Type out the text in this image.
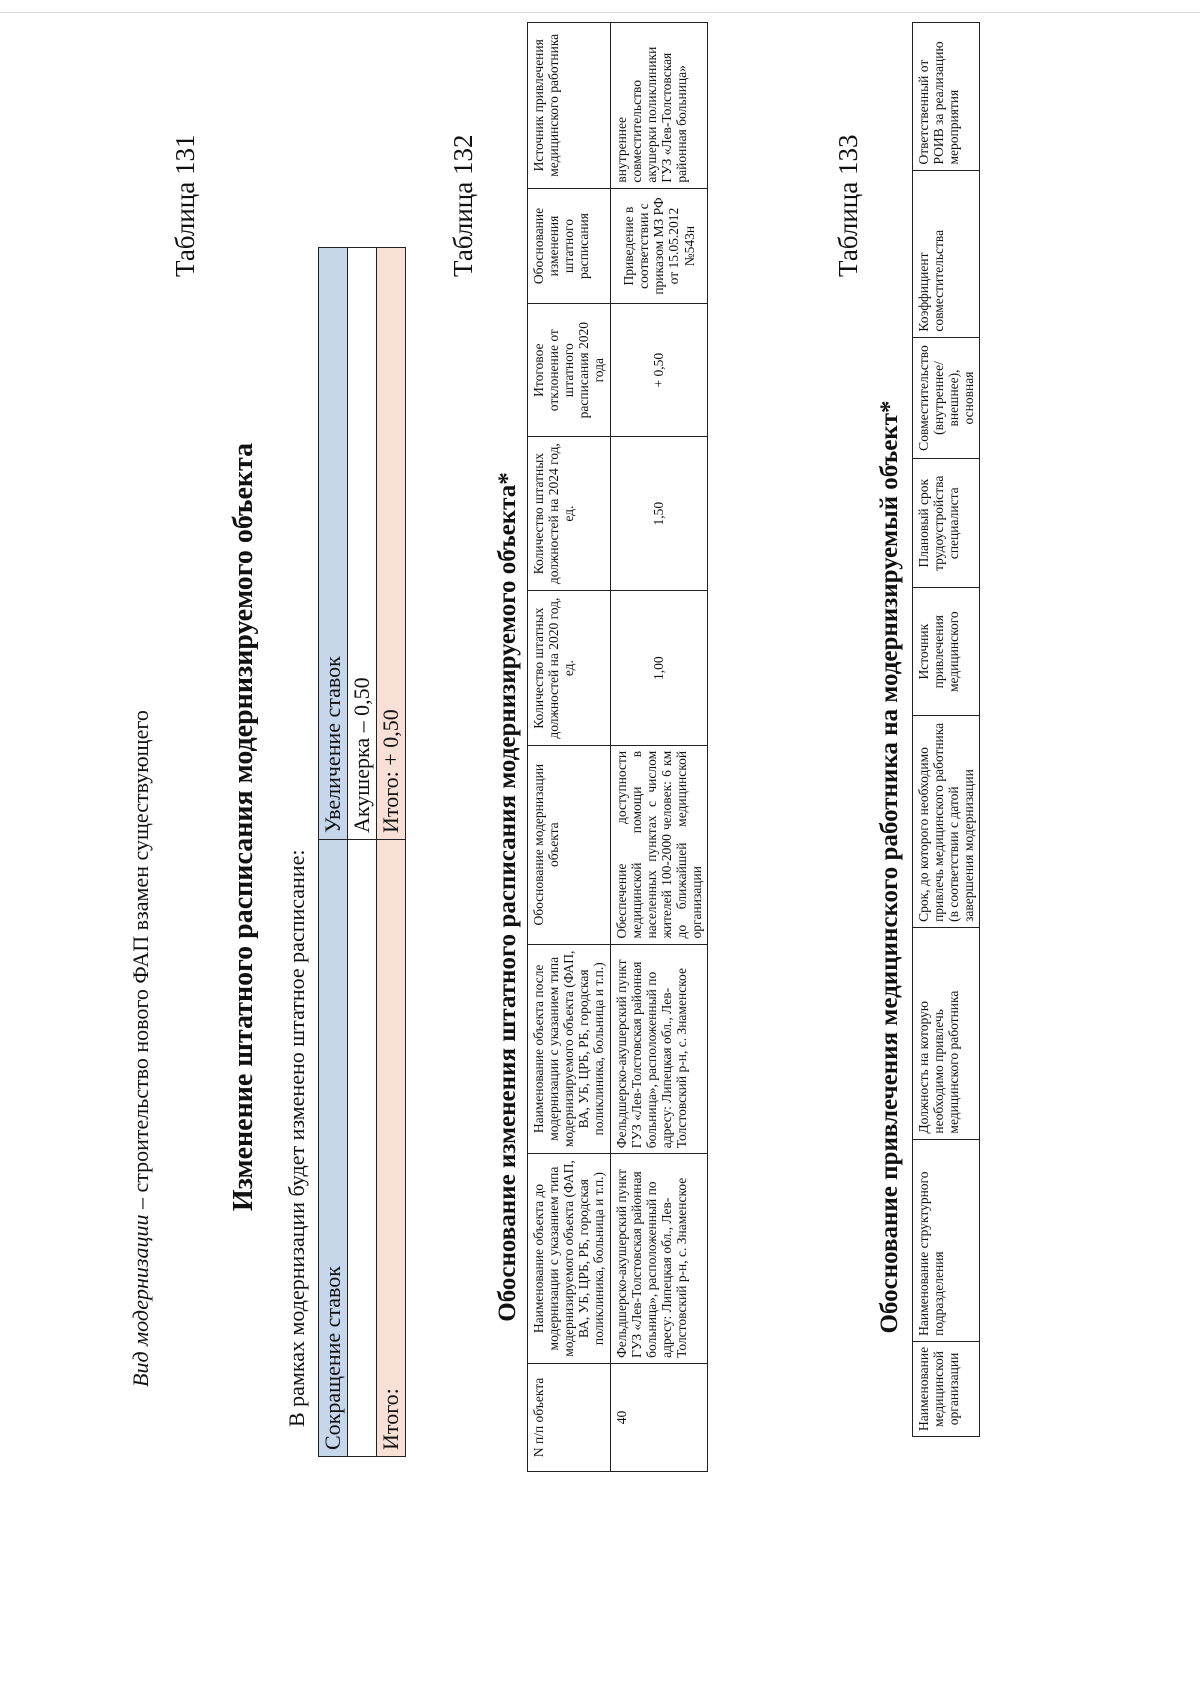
Вид модернизации – строительство нового ФАП взамен существующего
Таблица 131
Изменение штатного расписания модернизируемого объекта В рамках модернизации будет изменено штатное расписание: Сокращение ставок	Увеличение ставок
	Акушерка – 0,50
Итого:	Итого: + 0,50
Таблица 132
Обоснование изменения штатного расписания модернизируемого объекта*
N п/п объекта	Наименование объекта до модернизации с указанием типа модернизируемого объекта (ФАП, ВА, УБ, ЦРБ, РБ, городская поликлиника, больница и т.п.)	Наименование объекта после модернизации с указанием типа модернизируемого объекта (ФАП, ВА, УБ, ЦРБ, РБ, городская поликлиника, больница и т.п.)	Обоснование модернизации объекта	Количество штатных должностей на 2020 год, ед.	Количество штатных должностей на 2024 год, ед.	Итоговое отклонение от штатного расписания 2020 года	Обоснование изменения штатного расписания	Источник привлечения медицинского работника
40	Фельдшерско-акушерский пункт ГУЗ «Лев-Толстовская районная больница», расположенный по адресу: Липецкая обл., Лев-Толстовский р-н, с. Знаменское	Фельдшерско-акушерский пункт ГУЗ «Лев-Толстовская районная больница», расположенный по адресу: Липецкая обл., Лев-Толстовский р-н, с. Знаменское	Обеспечение доступности медицинской помощи в населенных пунктах с числом жителей 100-2000 человек: 6 км до ближайшей медицинской организации	1,00	1,50	+ 0,50	Приведение в соответствии с приказом МЗ РФ от 15.05.2012 №543н	внутреннее совместительство акушерки поликлиники ГУЗ «Лев-Толстовская районная больница»
Таблица 133
Обоснование привлечения медицинского работника на модернизируемый объект*
Наименование медицинской организации	Наименование структурного подразделения	Должность на которую необходимо привлечь медицинского работника	Срок, до которого необходимо привлечь медицинского работника (в соответствии с датой завершения модернизации	Источник привлечения медицинского	Плановый срок трудоустройства специалиста	Совместительство (внутреннее/внешнее), основная	Коэффициент совместительства	Ответственный от РОИВ за реализацию мероприятия
